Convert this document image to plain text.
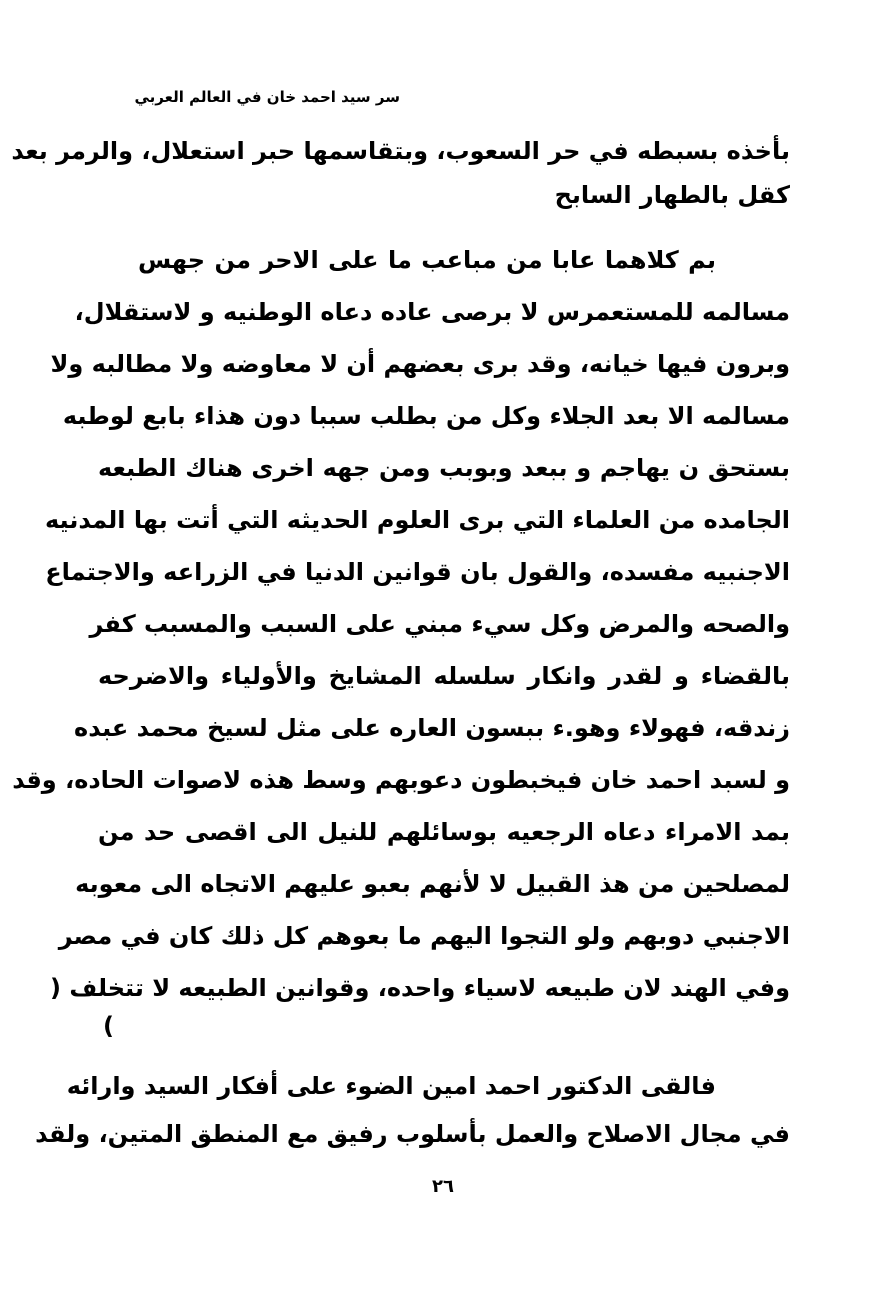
سر سيد احمد خان في العالم العربي
بأخذه بسبطه في حر السعوب، وبتقاسمها حبر استعلال، والرمر بعد
كقل بالطهار السابح
بم كلاهما عابا من مباعب ما على الاحر من جهس
مسالمه للمستعمرس لا برصى عاده دعاه الوطنيه و لاستقلال،
وبرون فيها خيانه، وقد برى بعضهم أن لا معاوضه ولا مطالبه ولا
مسالمه الا بعد الجلاء وكل من بطلب سببا دون هذاء بابع لوطبه
بستحق ن يهاجم و ببعد وبوبب ومن جهه اخرى هناك الطبعه
الجامده من العلماء التي برى العلوم الحديثه التي أتت بها المدنيه
الاجنبيه مفسده، والقول بان قوانين الدنيا في الزراعه والاجتماع
والصحه والمرض وكل سيء مبني على السبب والمسبب كفر
بالقضاء و لقدر وانكار سلسله المشايخ والأولياء والاضرحه
زندقه، فهولاء وهو.ء ببسون العاره على مثل لسيخ محمد عبده
و لسبد احمد خان فيخبطون دعوبهم وسط هذه لاصوات الحاده، وقد
بمد الامراء دعاه الرجعيه بوسائلهم للنيل الى اقصى حد من
لمصلحين من هذ القبيل لا لأنهم بعبو عليهم الاتجاه الى معوبه
الاجنبي دوبهم ولو التجوا اليهم ما بعوهم كل ذلك كان في مصر
وفي الهند لان طبيعه لاسياء واحده، وقوانين الطبيعه لا تتخلف (
)
فالقى الدكتور احمد امين الضوء على أفكار السيد وارائه
في مجال الاصلاح والعمل بأسلوب رفيق مع المنطق المتين، ولقد
٢٦
